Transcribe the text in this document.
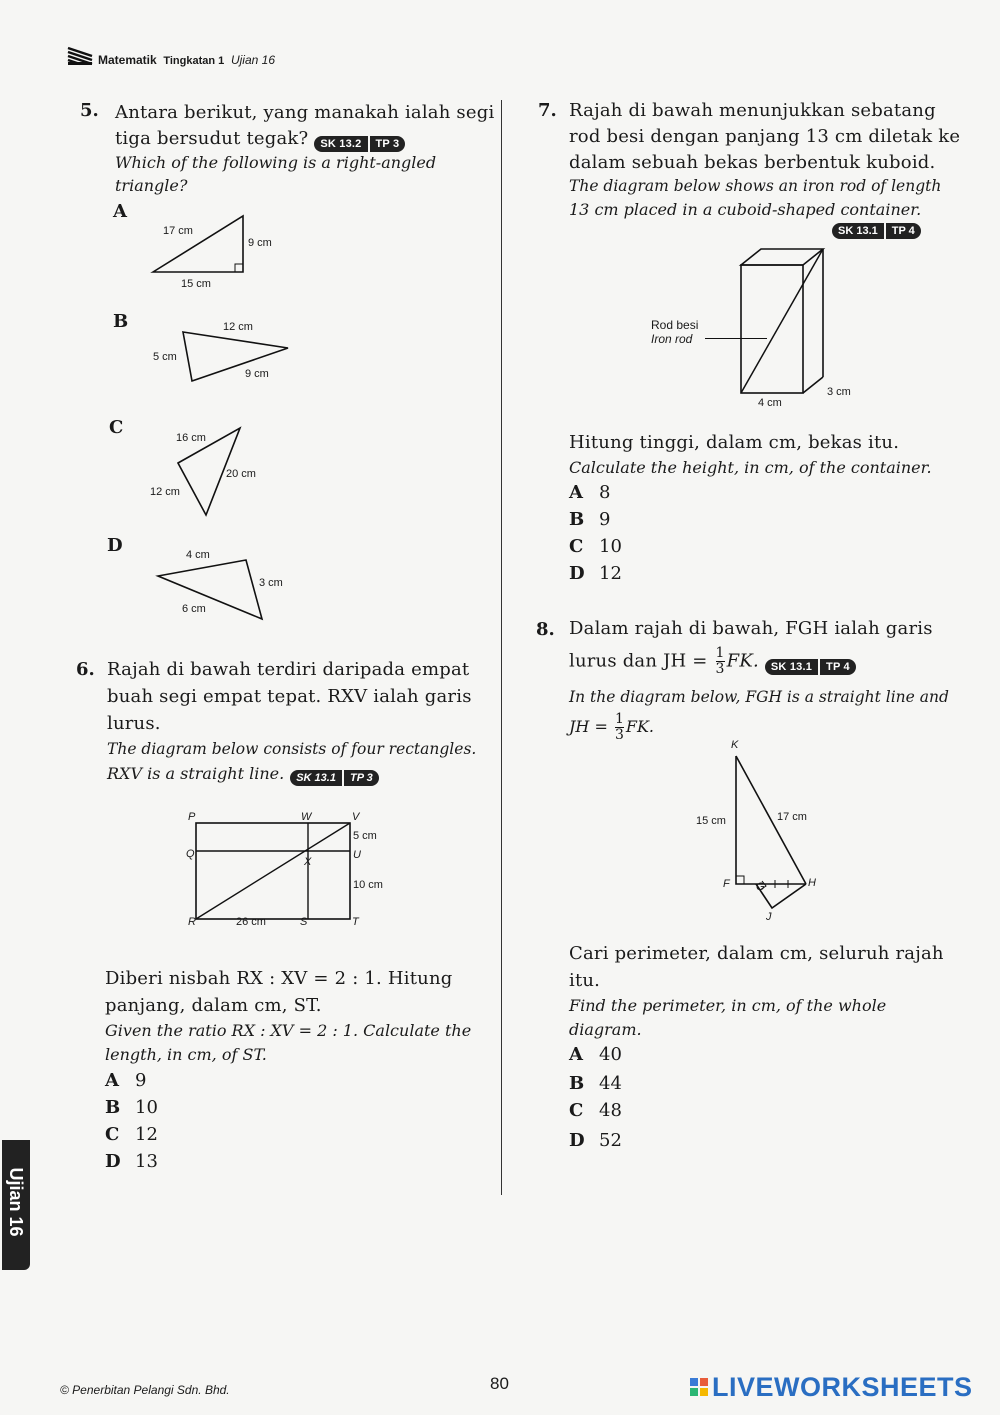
Matematik Tingkatan 1 Ujian 16
5. Antara berikut, yang manakah ialah segi
tiga bersudut tegak? SK 13.2 TP 3
Which of the following is a right-angled
triangle?
A
17 cm
9 cm
15 cm
B	12 cm
5 cm
9 cm
C	16 cm
20 cm
12 cm
D	4 cm
3 cm
6 cm
6. Rajah di bawah terdiri daripada empat
buah segi empat tepat. RXV ialah garis
lurus.
The diagram below consists of four rectangles.
RXV is a straight line. SK 13.1 TP 3
P	W	V
5 cm
Q	U
X
10 cm
R	26 cm	S	T
Diberi nisbah RX : XV = 2 : 1. Hitung
panjang, dalam cm, ST.
Given the ratio RX : XV = 2 : 1. Calculate the
length, in cm, of ST.
A 9
B 10
C 12
D 13
7. Rajah di bawah menunjukkan sebatang
rod besi dengan panjang 13 cm diletak ke
dalam sebuah bekas berbentuk kuboid.
The diagram below shows an iron rod of length
13 cm placed in a cuboid-shaped container.
SK 13.1 TP 4
Rod besi
Iron rod
4 cm
3 cm
Hitung tinggi, dalam cm, bekas itu.
Calculate the height, in cm, of the container.
A 8
B 9
C 10
D 12
8. Dalam rajah di bawah, FGH ialah garis
lurus dan JH = $\frac{1}{3}$ FK. SK 13.1 TP 4
In the diagram below, FGH is a straight line and
JH = $\frac{1}{3}$ FK.
K
15 cm	17 cm
F G	H
J
Cari perimeter, dalam cm, seluruh rajah
itu.
Find the perimeter, in cm, of the whole
diagram.
A 40
B 44
C 48
D 52
Ujian 16
© Penerbitan Pelangi Sdn. Bhd.	80	LIVEWORKSHEETS
